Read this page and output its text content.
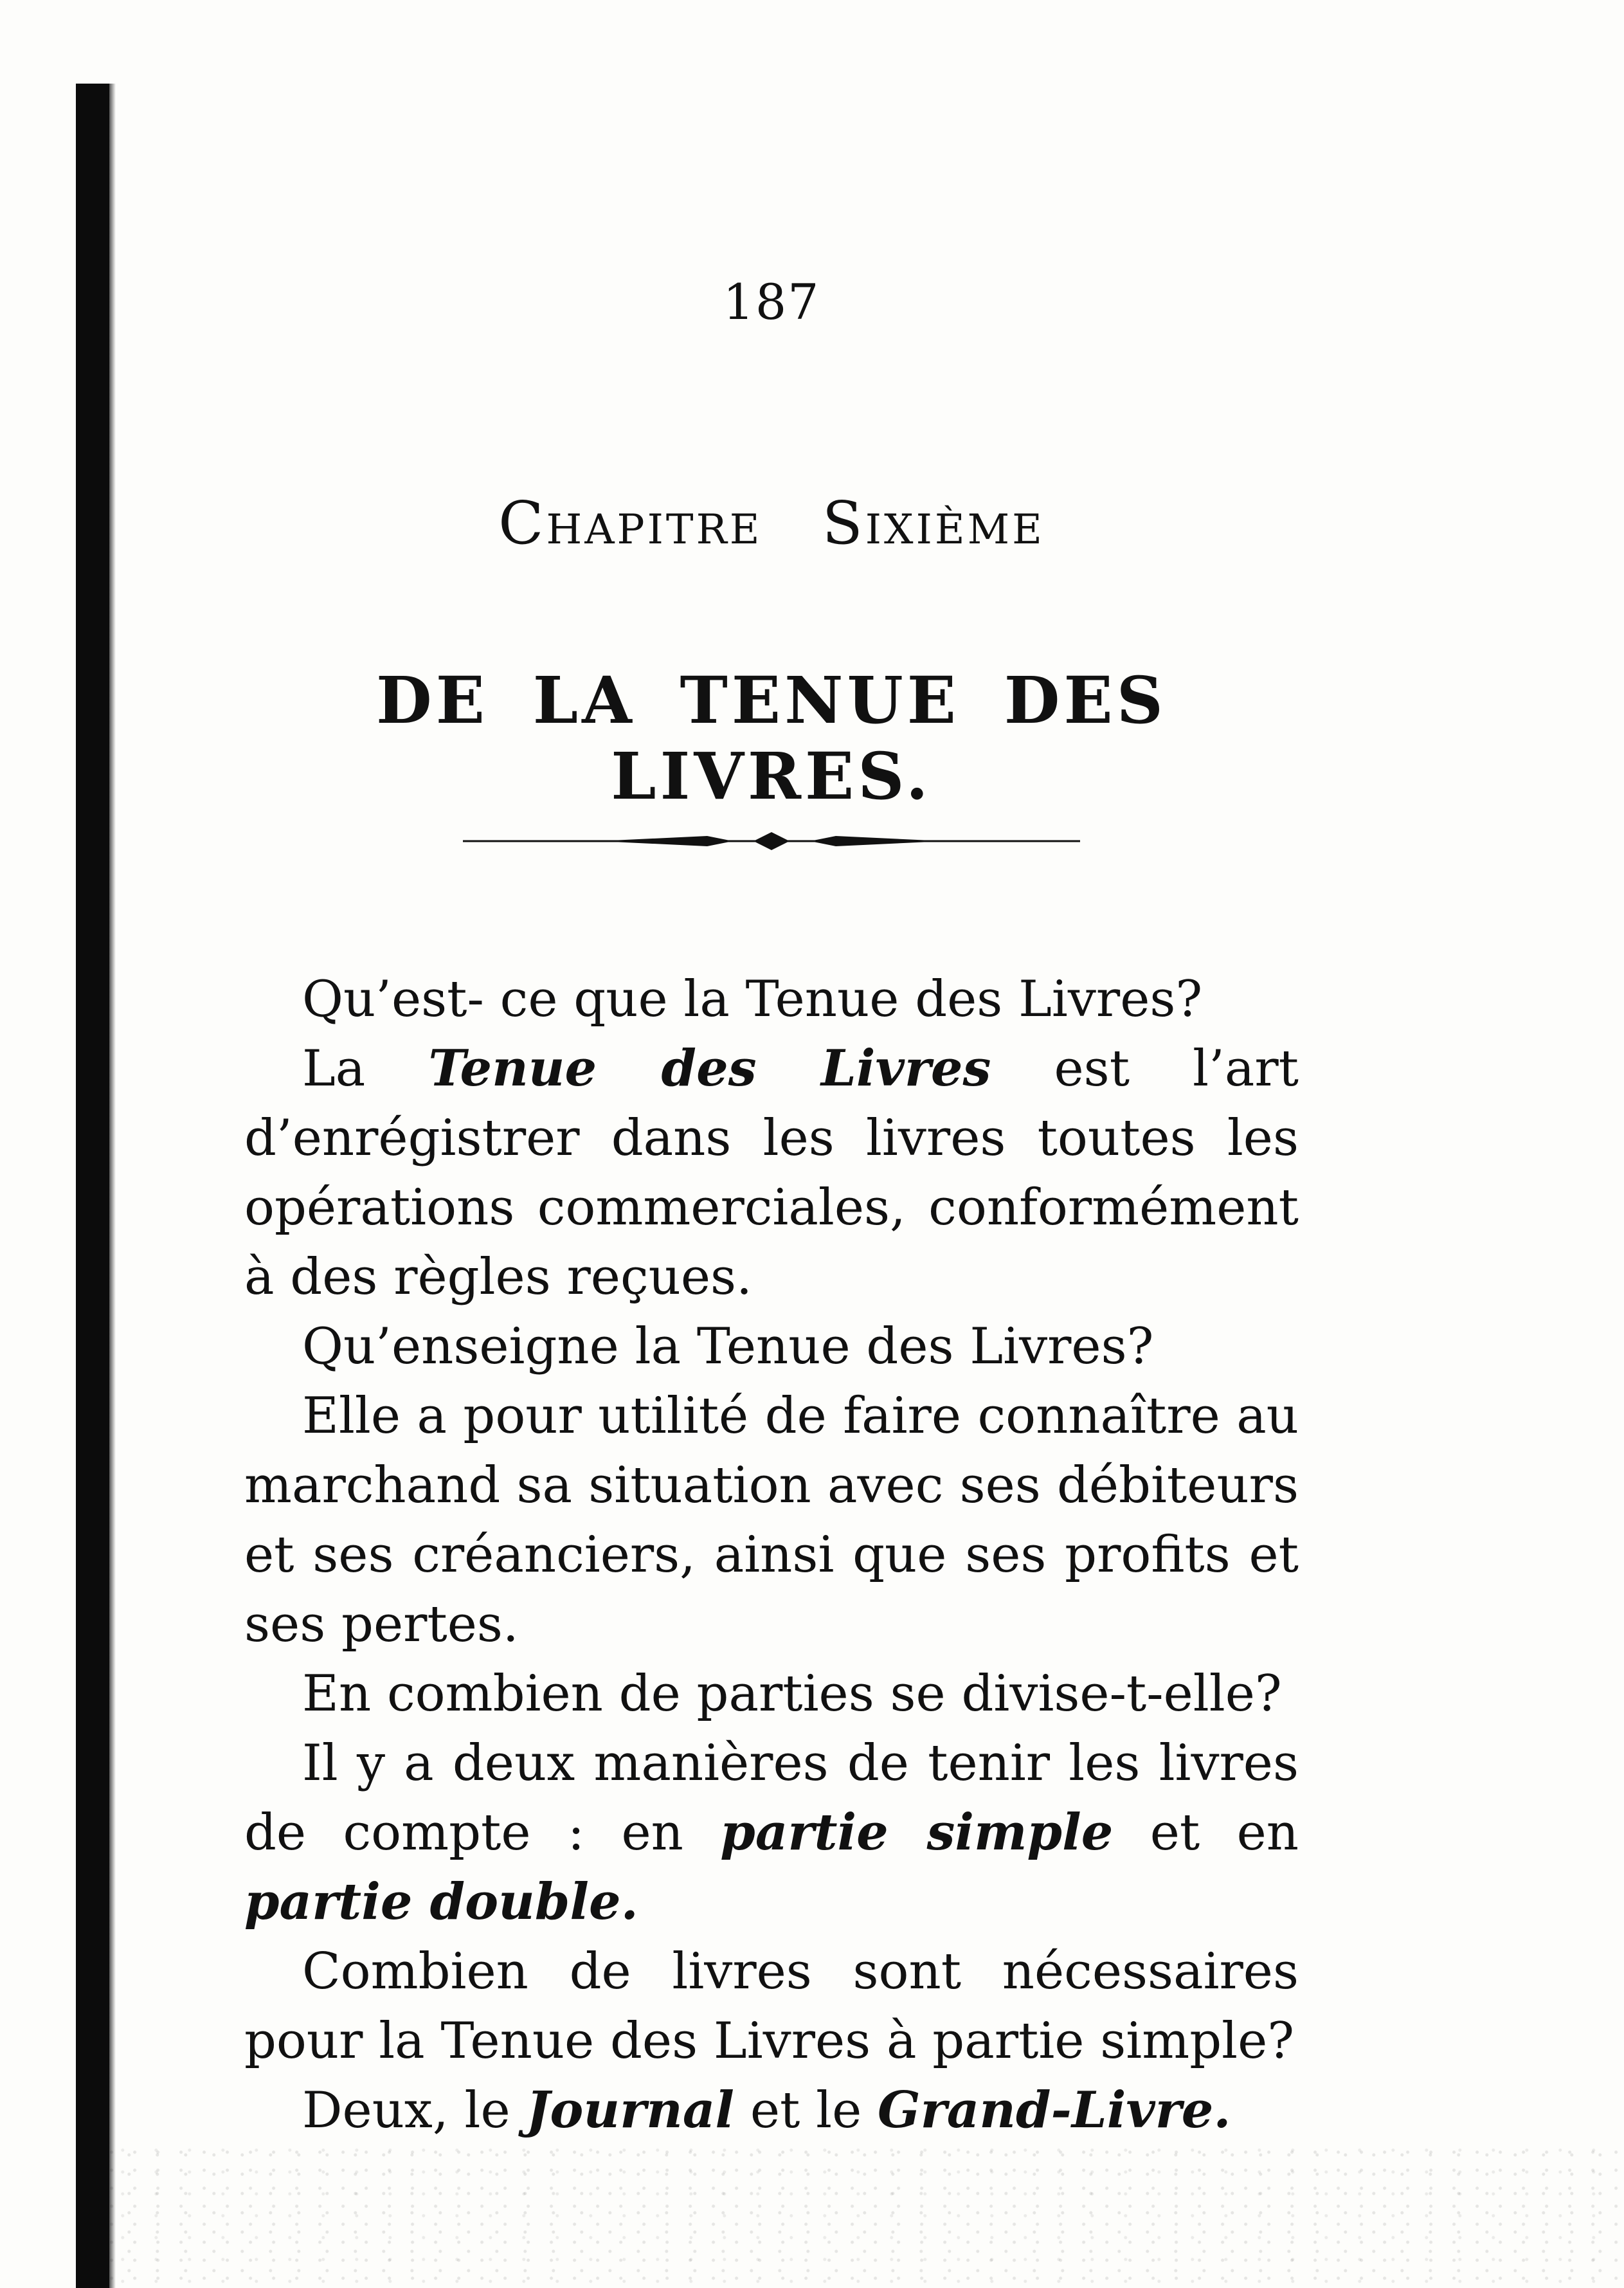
187
Chapitre Sixième
DE LA TENUE DES LIVRES.

Qu’est- ce que la Tenue des Livres?

La Tenue des Livres est l’art d’enrégistrer dans les livres toutes les opérations commerciales, conformément à des règles reçues.

Qu’enseigne la Tenue des Livres?

Elle a pour utilité de faire connaître au marchand sa situation avec ses débiteurs et ses créanciers, ainsi que ses profits et ses pertes.

En combien de parties se divise-t-elle?

Il y a deux manières de tenir les livres de compte : en partie simple et en partie double.

Combien de livres sont nécessaires pour la Tenue des Livres à partie simple?

Deux, le Journal et le Grand-Livre.
